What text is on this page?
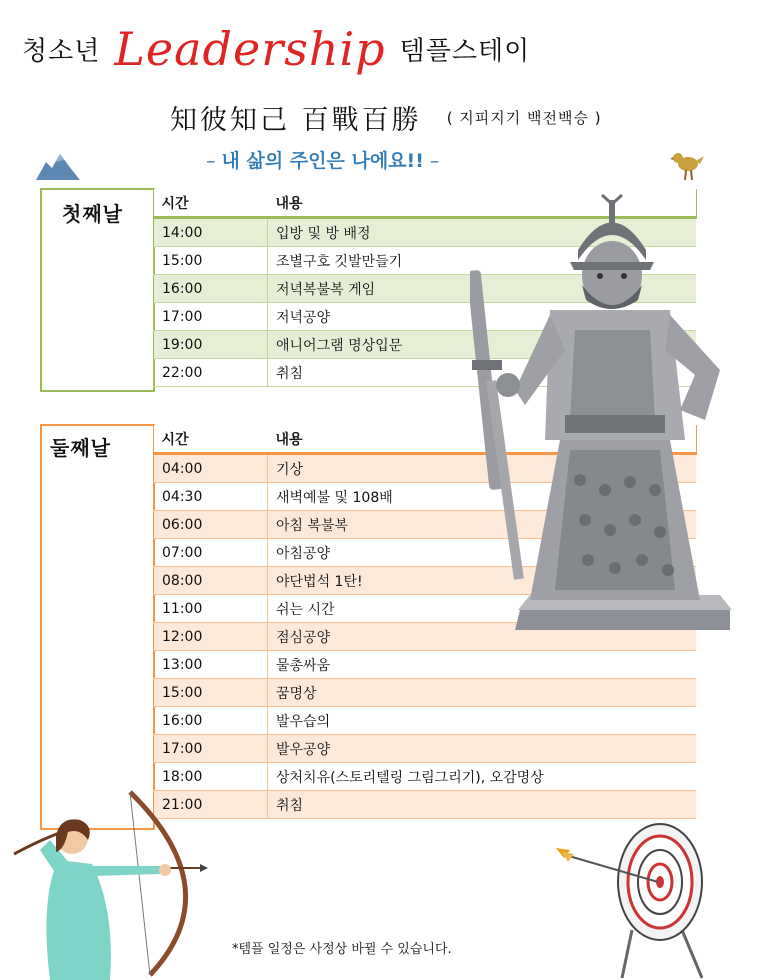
청소년 Leadership 템플스테이
知彼知己 百戰百勝 ( 지피지기 백전백승 )
– 내 삶의 주인은 나에요!! –
첫째날	시간	내용
14:00	입방 및 방 배정
15:00	조별구호 깃발만들기
16:00	저녁복불복 게임
17:00	저녁공양
19:00	애니어그램 명상입문
22:00	취침
둘째날	시간	내용
04:00	기상
04:30	새벽예불 및 108배
06:00	아침 복불복
07:00	아침공양
08:00	야단법석 1탄!
11:00	쉬는 시간
12:00	점심공양
13:00	물총싸움
15:00	꿈명상
16:00	발우습의
17:00	발우공양
18:00	상처치유(스토리텔링 그림그리기), 오감명상
21:00	취침
*템플 일정은 사정상 바뀔 수 있습니다.
